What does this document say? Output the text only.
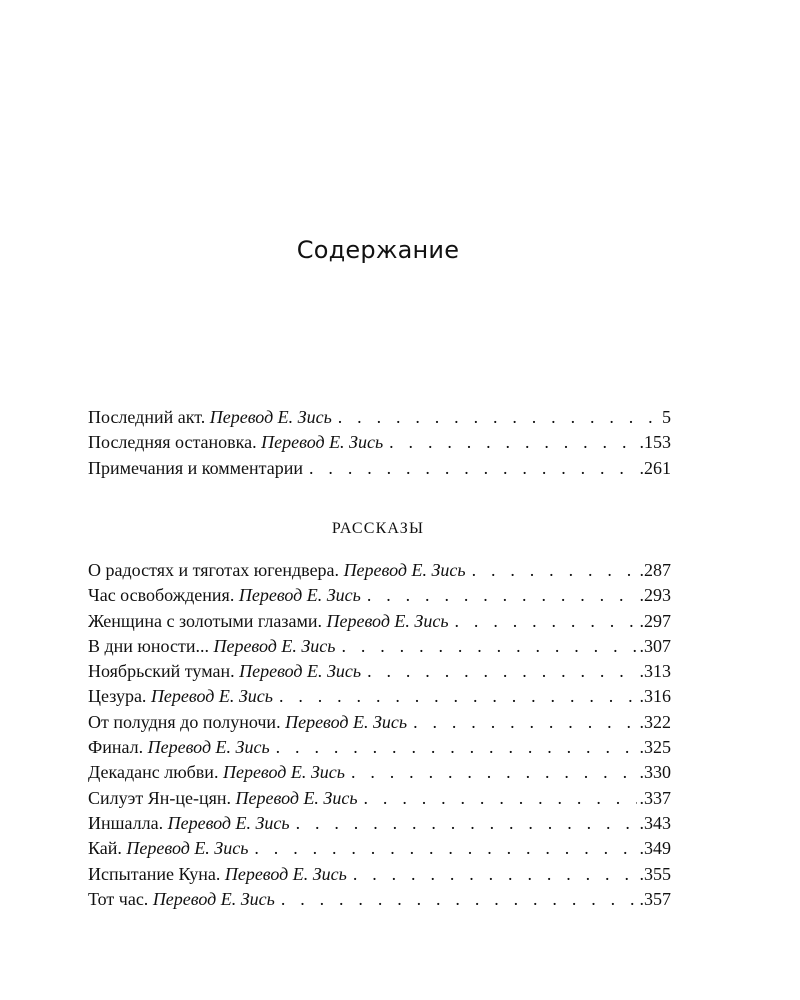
Содержание
Последний акт. Перевод Е. Зись . . .	5
Последняя остановка. Перевод Е. Зись . . .	.153
Примечания и комментарии . . .	.261
РАССКАЗЫ
О радостях и тяготах югендвера. Перевод Е. Зись . . .	.287
Час освобождения. Перевод Е. Зись . . .	.293
Женщина с золотыми глазами. Перевод Е. Зись . . .	.297
В дни юности... Перевод Е. Зись . . .	.307
Ноябрьский туман. Перевод Е. Зись . . .	.313
Цезура. Перевод Е. Зись . . .	.316
От полудня до полуночи. Перевод Е. Зись . . .	.322
Финал. Перевод Е. Зись . . .	.325
Декаданс любви. Перевод Е. Зись . . .	.330
Силуэт Ян-це-цян. Перевод Е. Зись . . .	.337
Иншалла. Перевод Е. Зись . . .	.343
Кай. Перевод Е. Зись . . .	.349
Испытание Куна. Перевод Е. Зись . . .	.355
Тот час. Перевод Е. Зись . . .	.357
